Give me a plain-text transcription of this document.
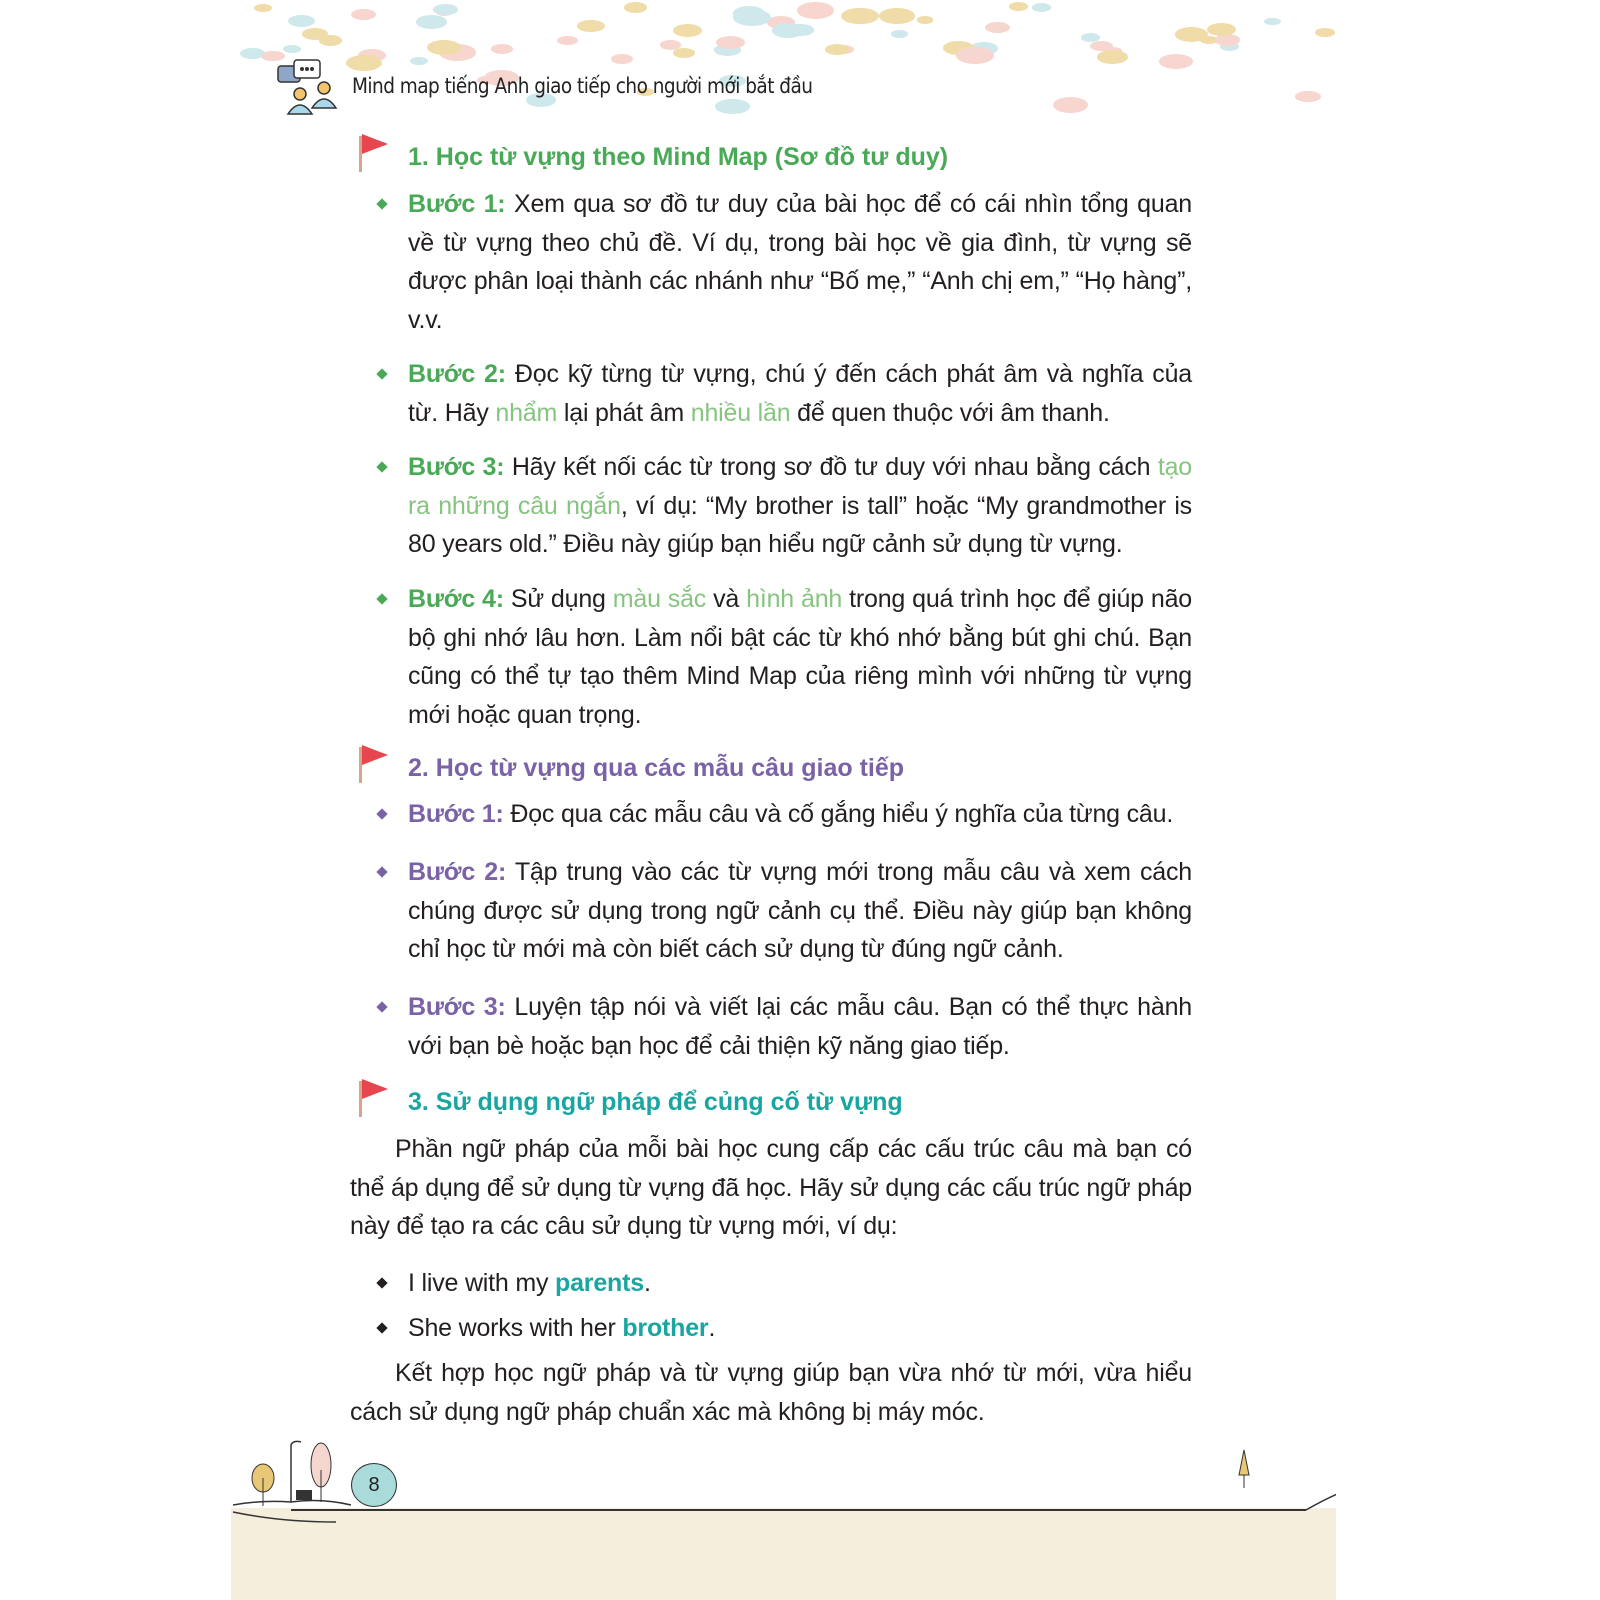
Mind map tiếng Anh giao tiếp cho người mới bắt đầu
1. Học từ vựng theo Mind Map (Sơ đồ tư duy)
Bước 1: Xem qua sơ đồ tư duy của bài học để có cái nhìn tổng quan về từ vựng theo chủ đề. Ví dụ, trong bài học về gia đình, từ vựng sẽ được phân loại thành các nhánh như “Bố mẹ,” “Anh chị em,” “Họ hàng”, v.v.
Bước 2: Đọc kỹ từng từ vựng, chú ý đến cách phát âm và nghĩa của từ. Hãy nhẩm lại phát âm nhiều lần để quen thuộc với âm thanh.
Bước 3: Hãy kết nối các từ trong sơ đồ tư duy với nhau bằng cách tạo ra những câu ngắn, ví dụ: “My brother is tall” hoặc “My grandmother is 80 years old.” Điều này giúp bạn hiểu ngữ cảnh sử dụng từ vựng.
Bước 4: Sử dụng màu sắc và hình ảnh trong quá trình học để giúp não bộ ghi nhớ lâu hơn. Làm nổi bật các từ khó nhớ bằng bút ghi chú. Bạn cũng có thể tự tạo thêm Mind Map của riêng mình với những từ vựng mới hoặc quan trọng.
2. Học từ vựng qua các mẫu câu giao tiếp
Bước 1: Đọc qua các mẫu câu và cố gắng hiểu ý nghĩa của từng câu.
Bước 2: Tập trung vào các từ vựng mới trong mẫu câu và xem cách chúng được sử dụng trong ngữ cảnh cụ thể. Điều này giúp bạn không chỉ học từ mới mà còn biết cách sử dụng từ đúng ngữ cảnh.
Bước 3: Luyện tập nói và viết lại các mẫu câu. Bạn có thể thực hành với bạn bè hoặc bạn học để cải thiện kỹ năng giao tiếp.
3. Sử dụng ngữ pháp để củng cố từ vựng
Phần ngữ pháp của mỗi bài học cung cấp các cấu trúc câu mà bạn có thể áp dụng để sử dụng từ vựng đã học. Hãy sử dụng các cấu trúc ngữ pháp này để tạo ra các câu sử dụng từ vựng mới, ví dụ:
I live with my parents.
She works with her brother.
Kết hợp học ngữ pháp và từ vựng giúp bạn vừa nhớ từ mới, vừa hiểu cách sử dụng ngữ pháp chuẩn xác mà không bị máy móc.
8
